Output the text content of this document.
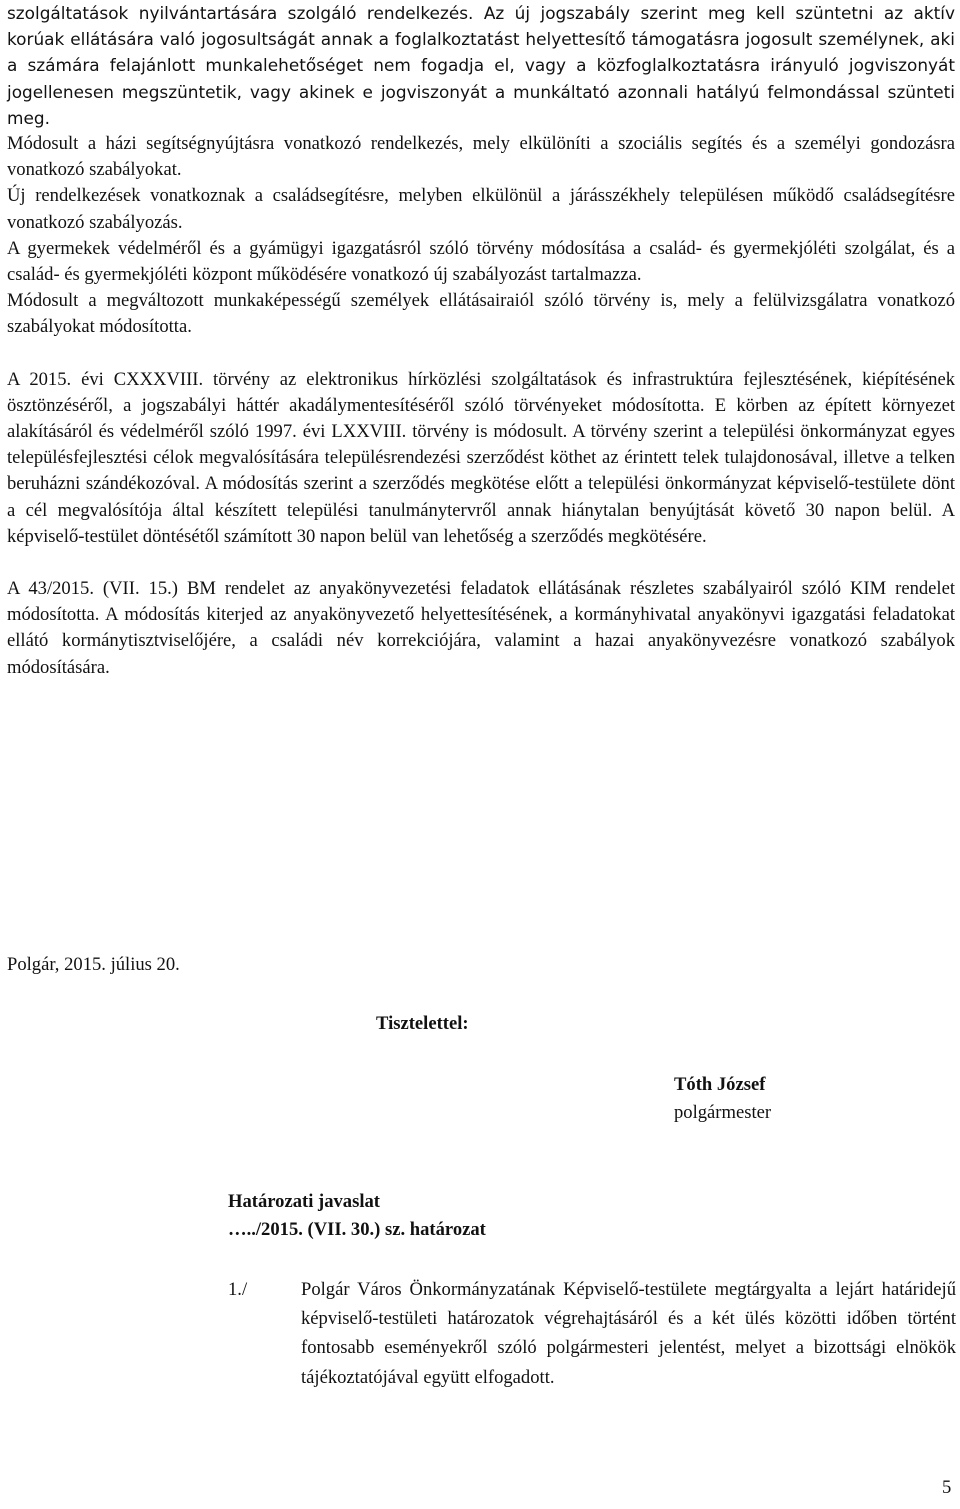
szolgáltatások nyilvántartására szolgáló rendelkezés. Az új jogszabály szerint meg kell szüntetni az aktív korúak ellátására való jogosultságát annak a foglalkoztatást helyettesítő támogatásra jogosult személynek, aki a számára felajánlott munkalehetőséget nem fogadja el, vagy a közfoglalkoztatásra irányuló jogviszonyát jogellenesen megszüntetik, vagy akinek e jogviszonyát a munkáltató azonnali hatályú felmondással szünteti meg.

Módosult a házi segítségnyújtásra vonatkozó rendelkezés, mely elkülöníti a szociális segítés és a személyi gondozásra vonatkozó szabályokat.

Új rendelkezések vonatkoznak a családsegítésre, melyben elkülönül a járásszékhely településen működő családsegítésre vonatkozó szabályozás.

A gyermekek védelméről és a gyámügyi igazgatásról szóló törvény módosítása a család- és gyermekjóléti szolgálat, és a család- és gyermekjóléti központ működésére vonatkozó új szabályozást tartalmazza.

Módosult a megváltozott munkaképességű személyek ellátásairaiól szóló törvény is, mely a felülvizsgálatra vonatkozó szabályokat módosította.

A 2015. évi CXXXVIII. törvény az elektronikus hírközlési szolgáltatások és infrastruktúra fejlesztésének, kiépítésének ösztönzéséről, a jogszabályi háttér akadálymentesítéséről szóló törvényeket módosította. E körben az épített környezet alakításáról és védelméről szóló 1997. évi LXXVIII. törvény is módosult. A törvény szerint a települési önkormányzat egyes településfejlesztési célok megvalósítására településrendezési szerződést köthet az érintett telek tulajdonosával, illetve a telken beruházni szándékozóval. A módosítás szerint a szerződés megkötése előtt a települési önkormányzat képviselő-testülete dönt a cél megvalósítója által készített települési tanulmánytervről annak hiánytalan benyújtását követő 30 napon belül. A képviselő-testület döntésétől számított 30 napon belül van lehetőség a szerződés megkötésére.

A 43/2015. (VII. 15.) BM rendelet az anyakönyvezetési feladatok ellátásának részletes szabályairól szóló KIM rendelet módosította. A módosítás kiterjed az anyakönyvezető helyettesítésének, a kormányhivatal anyakönyvi igazgatási feladatokat ellátó kormánytisztviselőjére, a családi név korrekciójára, valamint a hazai anyakönyvezésre vonatkozó szabályok módosítására.

Polgár, 2015. július 20.
Tisztelettel:
Tóth József
polgármester
Határozati javaslat
…../2015. (VII. 30.) sz. határozat
1./	Polgár Város Önkormányzatának Képviselő-testülete megtárgyalta a lejárt határidejű képviselő-testületi határozatok végrehajtásáról és a két ülés közötti időben történt fontosabb eseményekről szóló polgármesteri jelentést, melyet a bizottsági elnökök tájékoztatójával együtt elfogadott.
5
